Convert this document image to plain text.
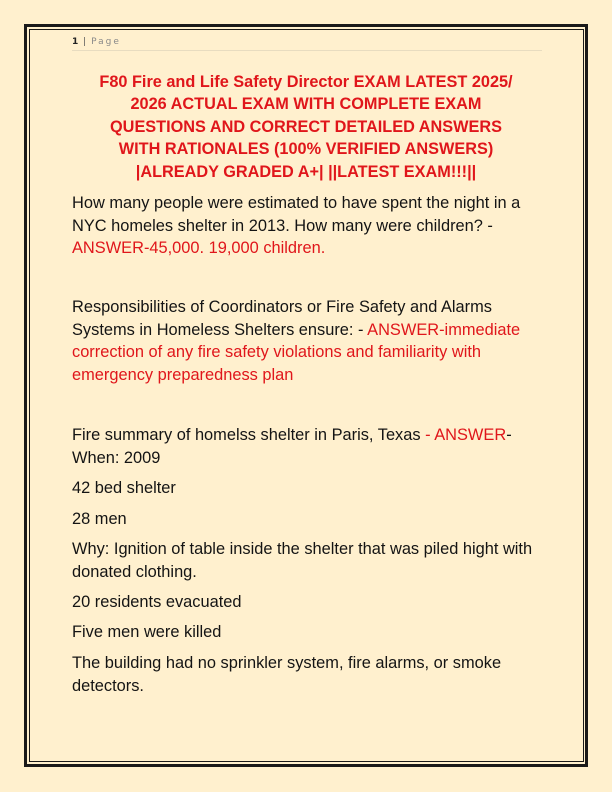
1 | Page
F80 Fire and Life Safety Director EXAM LATEST 2025/
2026 ACTUAL EXAM WITH COMPLETE EXAM
QUESTIONS AND CORRECT DETAILED ANSWERS
WITH RATIONALES (100% VERIFIED ANSWERS)
|ALREADY GRADED A+| ||LATEST EXAM!!!||

How many people were estimated to have spent the night in a NYC homeles shelter in 2013. How many were children? - ANSWER-45,000. 19,000 children.

Responsibilities of Coordinators or Fire Safety and Alarms Systems in Homeless Shelters ensure: - ANSWER-immediate correction of any fire safety violations and familiarity with emergency preparedness plan

Fire summary of homelss shelter in Paris, Texas - ANSWER-When: 2009

42 bed shelter

28 men

Why: Ignition of table inside the shelter that was piled hight with donated clothing.

20 residents evacuated

Five men were killed

The building had no sprinkler system, fire alarms, or smoke detectors.
